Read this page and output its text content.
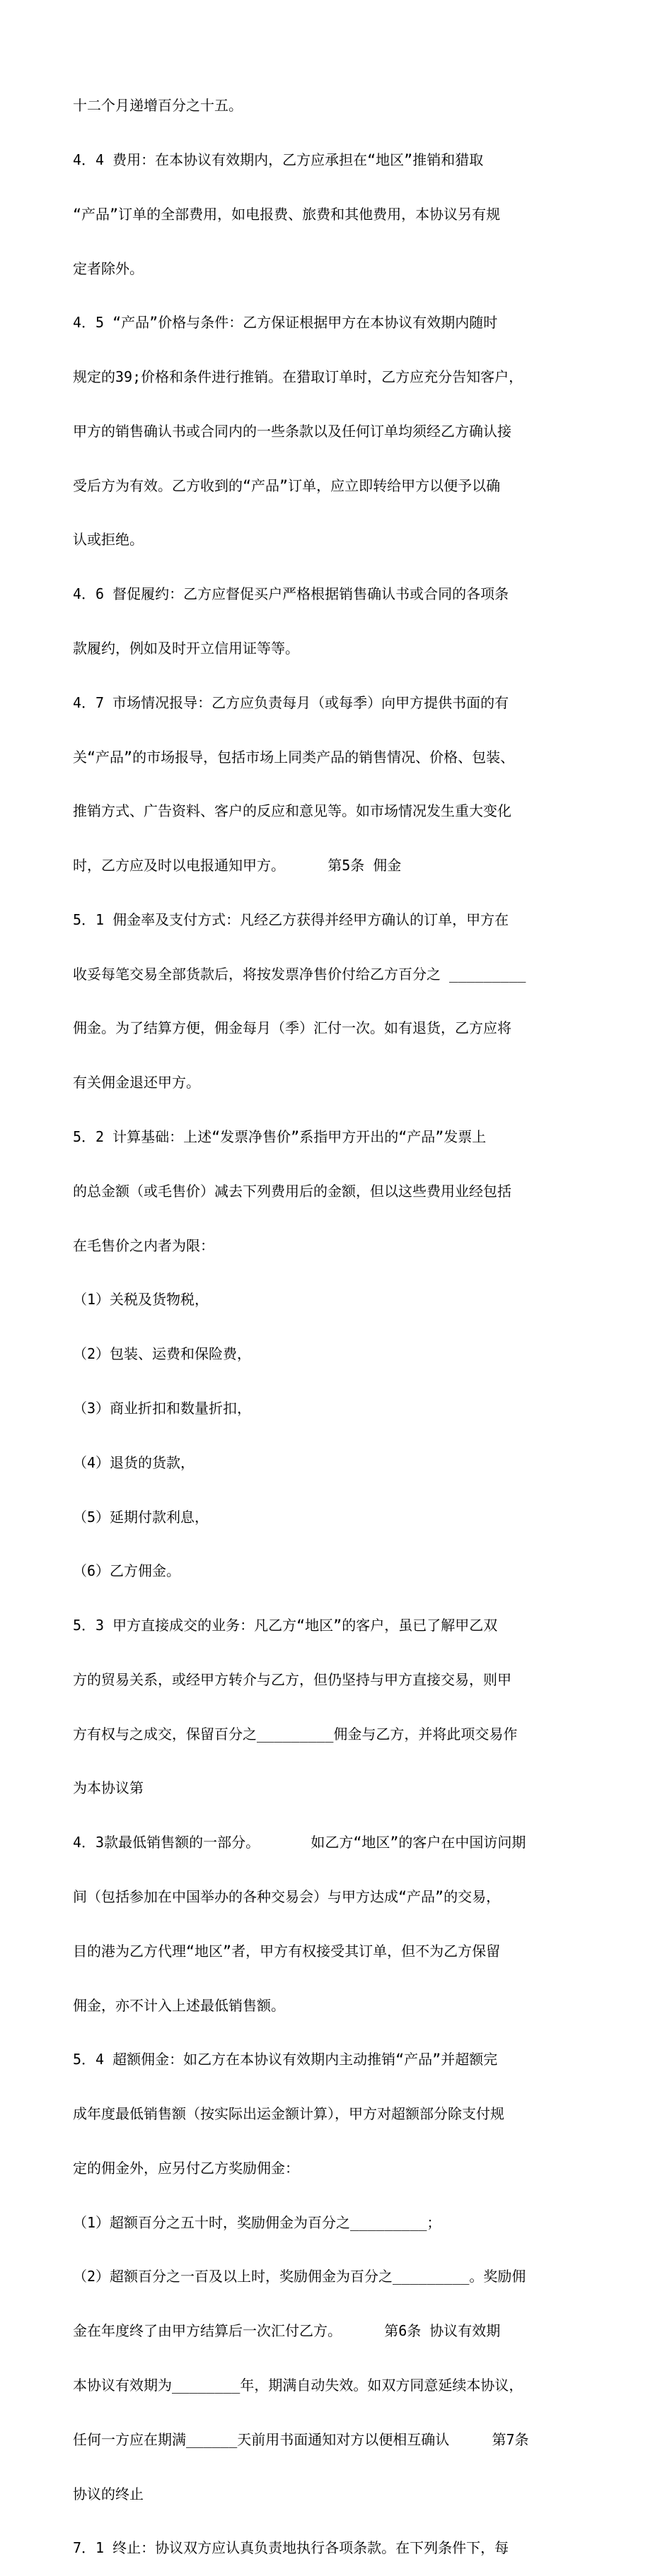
十二个月递增百分之十五。

4．4 费用：在本协议有效期内，乙方应承担在“地区”推销和猎取

“产品”订单的全部费用，如电报费、旅费和其他费用，本协议另有规

定者除外。

4．5 “产品”价格与条件：乙方保证根据甲方在本协议有效期内随时

规定的39;价格和条件进行推销。在猎取订单时，乙方应充分告知客户，

甲方的销售确认书或合同内的一些条款以及任何订单均须经乙方确认接

受后方为有效。乙方收到的“产品”订单，应立即转给甲方以便予以确

认或拒绝。

4．6 督促履约：乙方应督促买户严格根据销售确认书或合同的各项条

款履约，例如及时开立信用证等等。

4．7 市场情况报导：乙方应负责每月（或每季）向甲方提供书面的有

关“产品”的市场报导，包括市场上同类产品的销售情况、价格、包装、

推销方式、广告资料、客户的反应和意见等。如市场情况发生重大变化

时，乙方应及时以电报通知甲方。     第5条 佣金

5．1 佣金率及支付方式：凡经乙方获得并经甲方确认的订单，甲方在

收妥每笔交易全部货款后，将按发票净售价付给乙方百分之 _________

佣金。为了结算方便，佣金每月（季）汇付一次。如有退货，乙方应将

有关佣金退还甲方。

5．2 计算基础：上述“发票净售价”系指甲方开出的“产品”发票上

的总金额（或毛售价）减去下列费用后的金额，但以这些费用业经包括

在毛售价之内者为限：

（1）关税及货物税，

（2）包装、运费和保险费，

（3）商业折扣和数量折扣，

（4）退货的货款，

（5）延期付款利息，

（6）乙方佣金。

5．3 甲方直接成交的业务：凡乙方“地区”的客户，虽已了解甲乙双

方的贸易关系，或经甲方转介与乙方，但仍坚持与甲方直接交易，则甲

方有权与之成交，保留百分之_________佣金与乙方，并将此项交易作

为本协议第

4．3款最低销售额的一部分。      如乙方“地区”的客户在中国访问期

间（包括参加在中国举办的各种交易会）与甲方达成“产品”的交易，

目的港为乙方代理“地区”者，甲方有权接受其订单，但不为乙方保留

佣金，亦不计入上述最低销售额。

5．4 超额佣金：如乙方在本协议有效期内主动推销“产品”并超额完

成年度最低销售额（按实际出运金额计算），甲方对超额部分除支付规

定的佣金外，应另付乙方奖励佣金：

（1）超额百分之五十时，奖励佣金为百分之_________；

（2）超额百分之一百及以上时，奖励佣金为百分之_________。奖励佣

金在年度终了由甲方结算后一次汇付乙方。     第6条 协议有效期

本协议有效期为________年，期满自动失效。如双方同意延续本协议，

任何一方应在期满______天前用书面通知对方以便相互确认     第7条

协议的终止

7．1 终止：协议双方应认真负责地执行各项条款。在下列条件下，每
